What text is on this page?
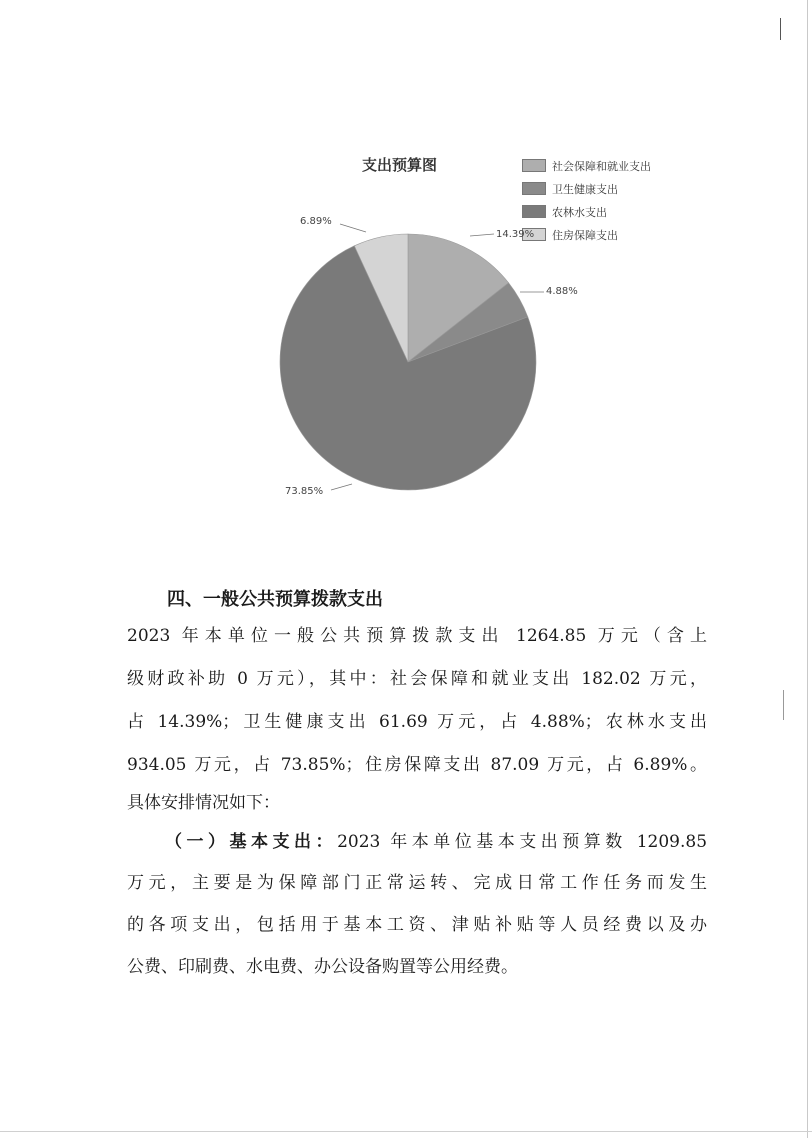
支出预算图	社会保障和就业支出
卫生健康支出
农林水支出
住房保障支出
14.39%
4.88%
73.85%
6.89%
四、一般公共预算拨款支出
2023 年本单位一般公共预算拨款支出 1264.85 万元（含上
级财政补助 0 万元），其中：社会保障和就业支出 182.02 万元，
占 14.39%；卫生健康支出 61.69 万元，占 4.88%；农林水支出
934.05 万元，占 73.85%；住房保障支出 87.09 万元，占 6.89%。
具体安排情况如下：
（一）基本支出：2023 年本单位基本支出预算数 1209.85
万元，主要是为保障部门正常运转、完成日常工作任务而发生
的各项支出，包括用于基本工资、津贴补贴等人员经费以及办
公费、印刷费、水电费、办公设备购置等公用经费。
